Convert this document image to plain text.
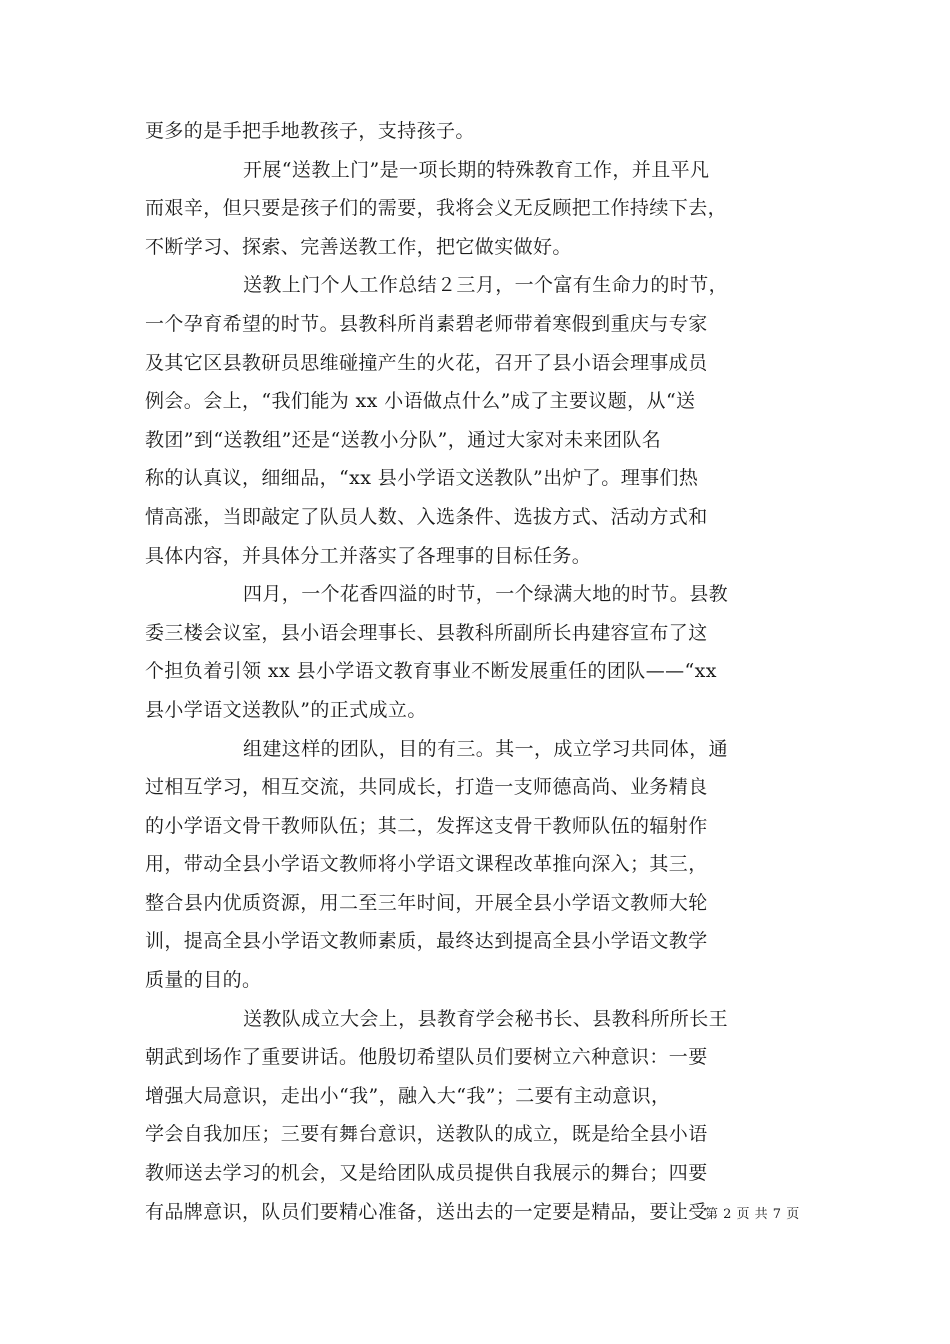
更多的是手把手地教孩子，支持孩子。
开展“送教上门”是一项长期的特殊教育工作，并且平凡
而艰辛，但只要是孩子们的需要，我将会义无反顾把工作持续下去，
不断学习、探索、完善送教工作，把它做实做好。
送教上门个人工作总结２三月，一个富有生命力的时节，
一个孕育希望的时节。县教科所肖素碧老师带着寒假到重庆与专家
及其它区县教研员思维碰撞产生的火花，召开了县小语会理事成员
例会。会上，“我们能为 xx 小语做点什么”成了主要议题，从“送
教团”到“送教组”还是“送教小分队”，通过大家对未来团队名
称的认真议，细细品，“xx 县小学语文送教队”出炉了。理事们热
情高涨，当即敲定了队员人数、入选条件、选拔方式、活动方式和
具体内容，并具体分工并落实了各理事的目标任务。
四月，一个花香四溢的时节，一个绿满大地的时节。县教
委三楼会议室，县小语会理事长、县教科所副所长冉建容宣布了这
个担负着引领 xx 县小学语文教育事业不断发展重任的团队——“xx
县小学语文送教队”的正式成立。
组建这样的团队，目的有三。其一，成立学习共同体，通
过相互学习，相互交流，共同成长，打造一支师德高尚、业务精良
的小学语文骨干教师队伍；其二，发挥这支骨干教师队伍的辐射作
用，带动全县小学语文教师将小学语文课程改革推向深入；其三，
整合县内优质资源，用二至三年时间，开展全县小学语文教师大轮
训，提高全县小学语文教师素质，最终达到提高全县小学语文教学
质量的目的。
送教队成立大会上，县教育学会秘书长、县教科所所长王
朝武到场作了重要讲话。他殷切希望队员们要树立六种意识：一要
增强大局意识，走出小“我”，融入大“我”；二要有主动意识，
学会自我加压；三要有舞台意识，送教队的成立，既是给全县小语
教师送去学习的机会，又是给团队成员提供自我展示的舞台；四要
有品牌意识，队员们要精心准备，送出去的一定要是精品，要让受
第 2 页 共 7 页
